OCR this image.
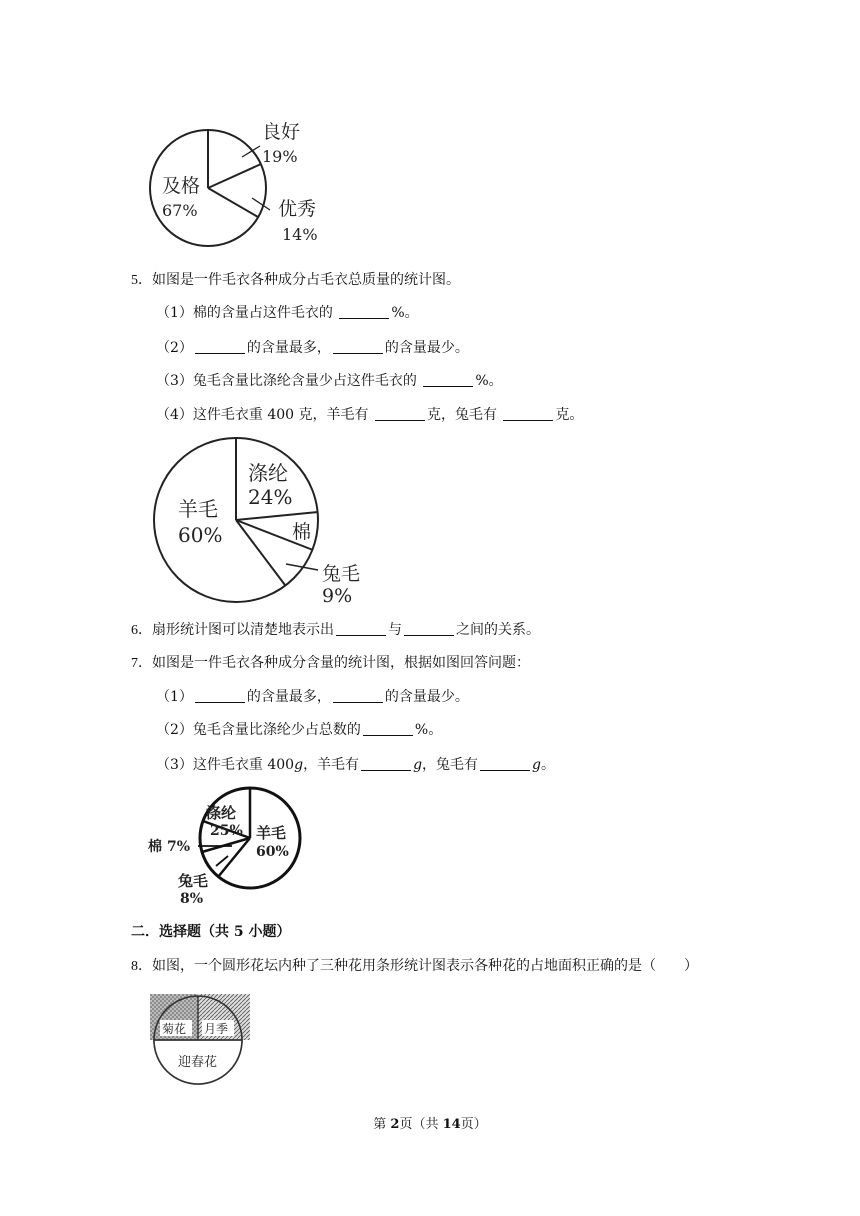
良好
19%
及格
67%	优秀
14%
5．如图是一件毛衣各种成分占毛衣总质量的统计图。
（1）棉的含量占这件毛衣的	%。
（2）	的含量最多，	的含量最少。
（3）兔毛含量比涤纶含量少占这件毛衣的	%。
（4）这件毛衣重 400 克，羊毛有	克，兔毛有	克。
涤纶
24%
棉
羊毛
60%
兔毛
9%
6．扇形统计图可以清楚地表示出	与	之间的关系。
7．如图是一件毛衣各种成分含量的统计图，根据如图回答问题：
（1）	的含量最多，	的含量最少。
（2）兔毛含量比涤纶少占总数的	%。
（3）这件毛衣重 400g，羊毛有	g，兔毛有	g。
涤纶
25% 羊毛
60%
棉 7%
兔毛
8%
二．选择题（共 5 小题）
8．如图，一个圆形花坛内种了三种花用条形统计图表示各种花的占地面积正确的是（　　）
菊花 月季
迎春花
第 2页（共 14页）
